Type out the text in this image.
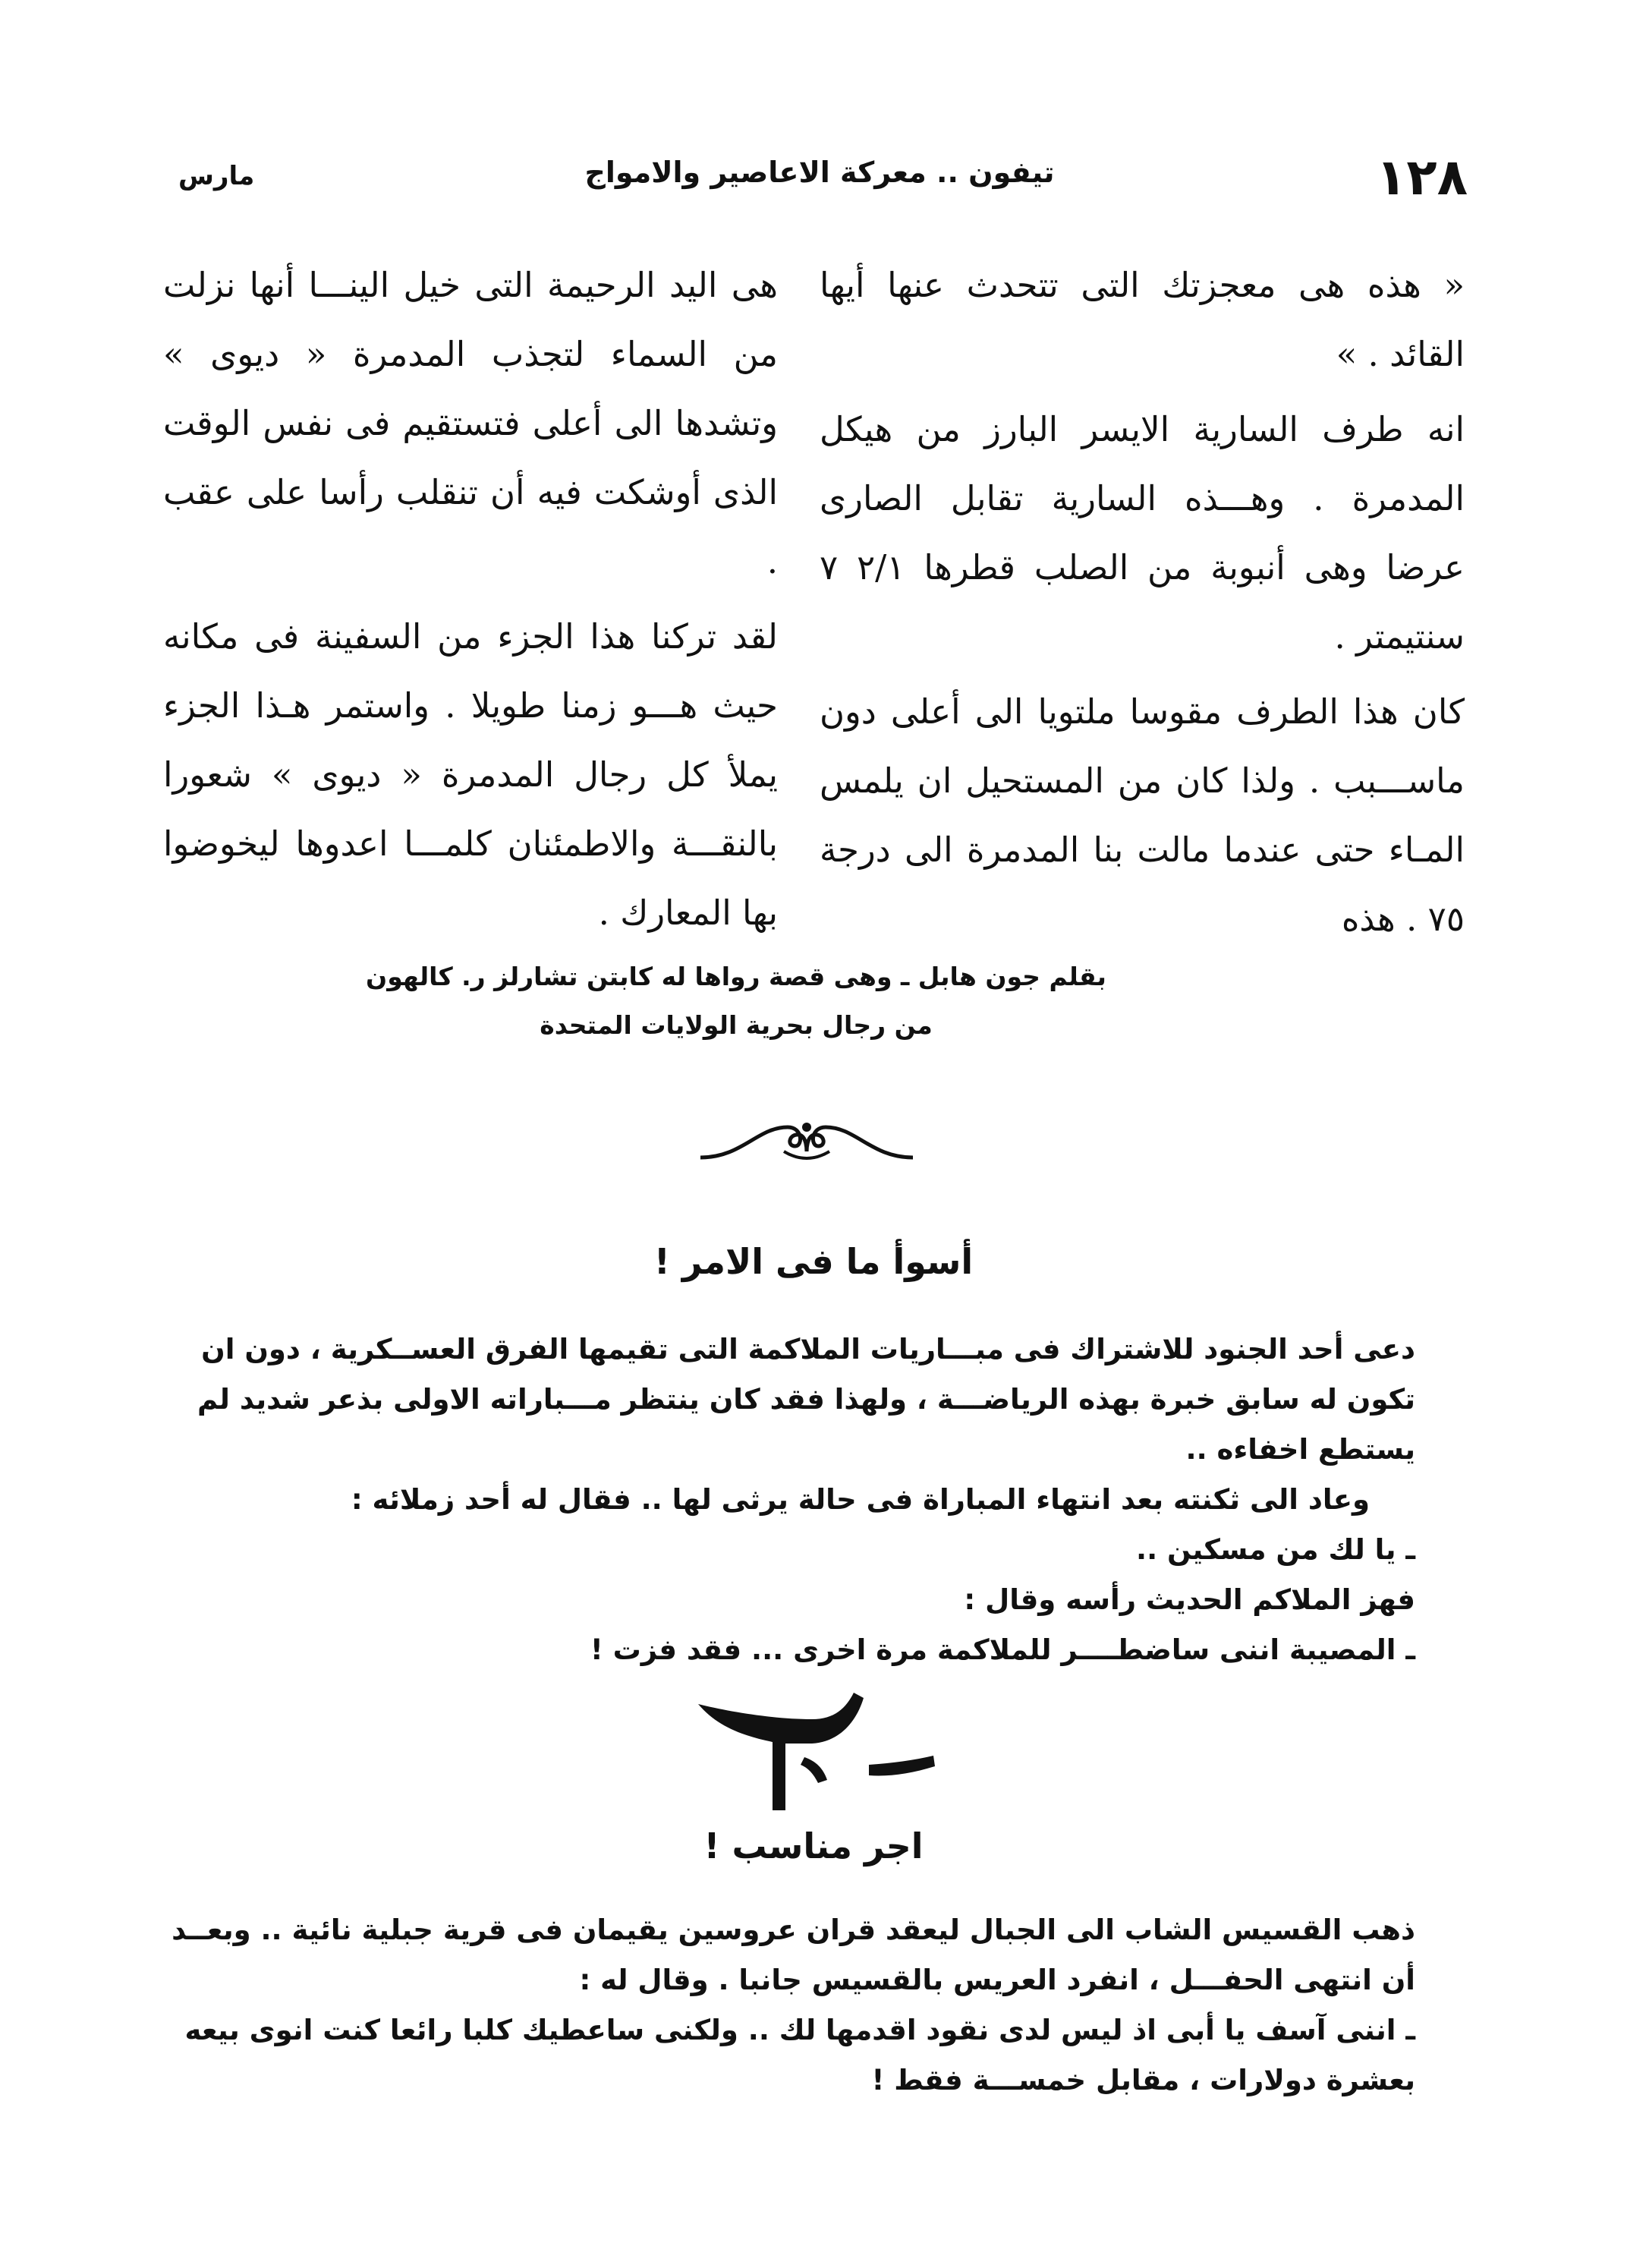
١٢٨
تيفون .. معركة الاعاصير والامواج
مارس

« هذه هى معجزتك التى تتحدث عنها أيها القائد . »

انه طرف السارية الايسر البارز من هيكل المدمرة . وهـــذه السارية تقابل الصارى عرضا وهى أنبوبة من الصلب قطرها ٢/١ ٧ سنتيمتر .

كان هذا الطرف مقوسا ملتويا الى أعلى دون ماســـبب . ولذا كان من المستحيل ان يلمس المـاء حتى عندما مالت بنا المدمرة الى درجة ٧٥ . هذه

هى اليد الرحيمة التى خيل الينـــا أنها نزلت من السماء لتجذب المدمرة « ديوى » وتشدها الى أعلى فتستقيم فى نفس الوقت الذى أوشكت فيه أن تنقلب رأسا على عقب .

لقد تركنا هذا الجزء من السفينة فى مكانه حيث هـــو زمنا طويلا . واستمر هـذا الجزء يملأ كل رجال المدمرة « ديوى » شعورا بالنقـــة والاطمئنان كلمـــا اعدوها ليخوضوا بها المعارك .

بقلم جون هابل ـ وهى قصة رواها له كابتن تشارلز ر. كالهون
من رجال بحرية الولايات المتحدة
أسوأ ما فى الامر !

دعى أحد الجنود للاشتراك فى مبـــاريات الملاكمة التى تقيمها الفرق العســكرية ، دون ان تكون له سابق خبرة بهذه الرياضـــة ، ولهذا فقد كان ينتظر مـــباراته الاولى بذعر شديد لم يستطع اخفاءه ..

وعاد الى ثكنته بعد انتهاء المباراة فى حالة يرثى لها .. فقال له أحد زملائه :

ـ يا لك من مسكين ..

فهز الملاكم الحديث رأسه وقال :

ـ المصيبة اننى ساضطــــر للملاكمة مرة اخرى ... فقد فزت !

اجر مناسب !

ذهب القسيس الشاب الى الجبال ليعقد قران عروسين يقيمان فى قرية جبلية نائية .. وبعــد أن انتهى الحفـــل ، انفرد العريس بالقسيس جانبا . وقال له :

ـ اننى آسف يا أبى اذ ليس لدى نقود اقدمها لك .. ولكنى ساعطيك كلبا رائعا كنت انوى بيعه بعشرة دولارات ، مقابل خمســـة فقط !
